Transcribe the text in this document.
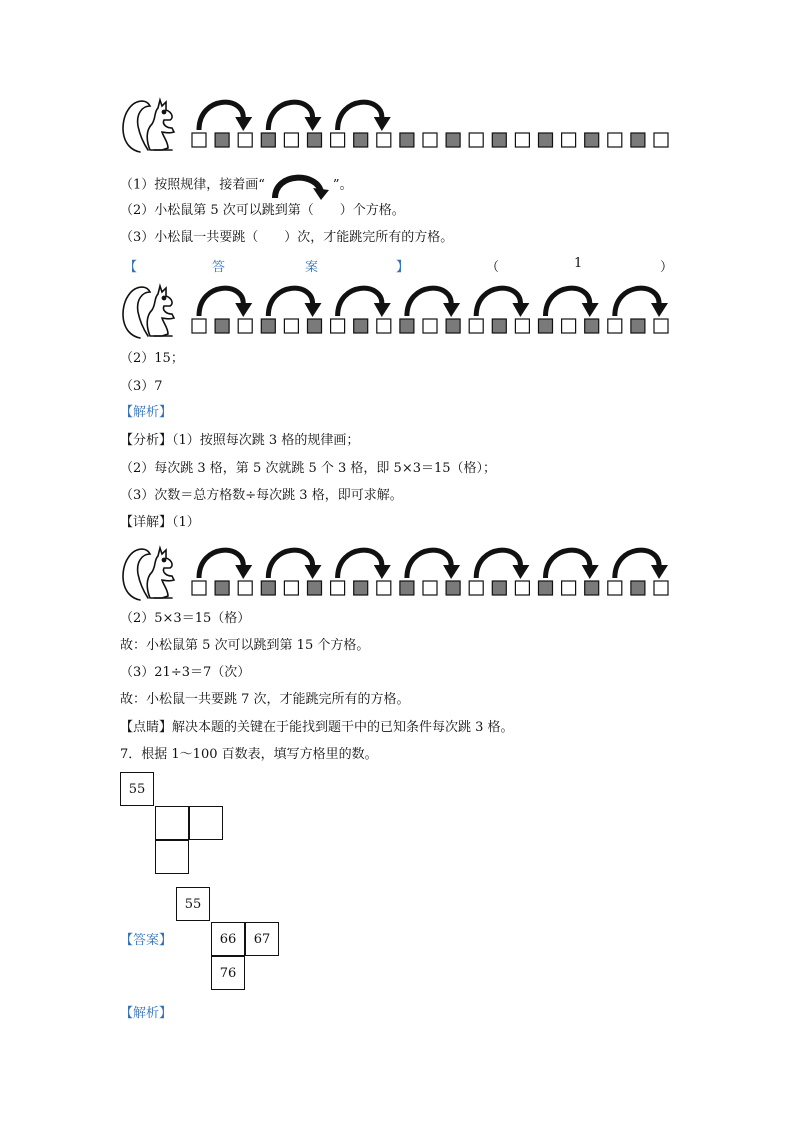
（1）按照规律，接着画“	”。
（2）小松鼠第 5 次可以跳到第（　　）个方格。
（3）小松鼠一共要跳（　　）次，才能跳完所有的方格。
【	答	案	】	（	1	）
（2）15；
（3）7
【解析】
【分析】（1）按照每次跳 3 格的规律画；
（2）每次跳 3 格，第 5 次就跳 5 个 3 格，即 5×3＝15（格）；
（3）次数＝总方格数÷每次跳 3 格，即可求解。
【详解】（1）
（2）5×3＝15（格）
故：小松鼠第 5 次可以跳到第 15 个方格。
（3）21÷3＝7（次）
故：小松鼠一共要跳 7 次，才能跳完所有的方格。
【点睛】解决本题的关键在于能找到题干中的已知条件每次跳 3 格。
7．根据 1～100 百数表，填写方格里的数。
55
【答案】
55
66	67
76
【解析】
